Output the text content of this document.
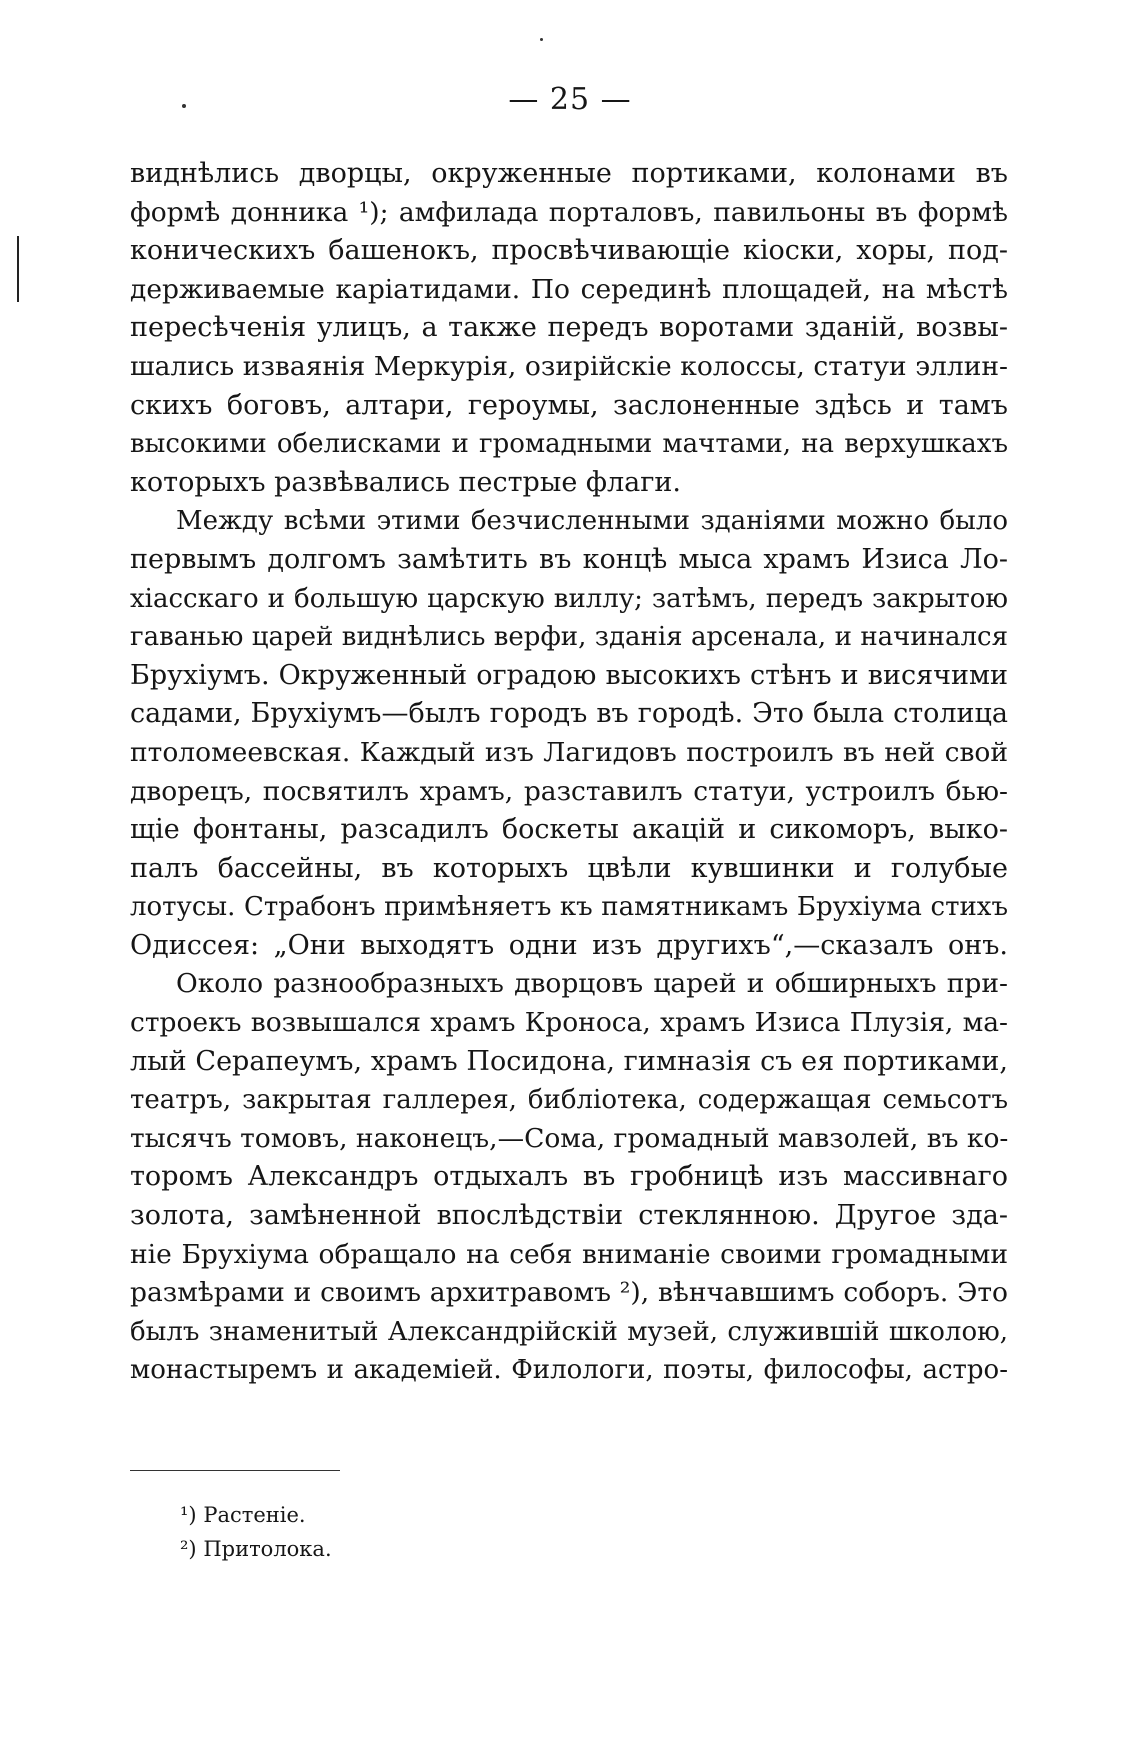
— 25 —
виднѣлись дворцы, окруженные портиками, колонами въ
формѣ донника ¹); амфилада порталовъ, павильоны въ формѣ
коническихъ башенокъ, просвѣчивающіе кіоски, хоры, под-
держиваемые каріатидами. По серединѣ площадей, на мѣстѣ
пересѣченія улицъ, а также передъ воротами зданій, возвы-
шались изваянія Меркурія, озирійскіе колоссы, статуи эллин-
скихъ боговъ, алтари, героумы, заслоненные здѣсь и тамъ
высокими обелисками и громадными мачтами, на верхушкахъ
которыхъ развѣвались пестрые флаги.
Между всѣми этими безчисленными зданіями можно было
первымъ долгомъ замѣтить въ концѣ мыса храмъ Изиса Ло-
хіасскаго и большую царскую виллу; затѣмъ, передъ закрытою
гаванью царей виднѣлись верфи, зданія арсенала, и начинался
Брухіумъ. Окруженный оградою высокихъ стѣнъ и висячими
садами, Брухіумъ—былъ городъ въ городѣ. Это была столица
птоломеевская. Каждый изъ Лагидовъ построилъ въ ней свой
дворецъ, посвятилъ храмъ, разставилъ статуи, устроилъ бью-
щіе фонтаны, разсадилъ боскеты акацій и сикоморъ, выко-
палъ бассейны, въ которыхъ цвѣли кувшинки и голубые
лотусы. Страбонъ примѣняетъ къ памятникамъ Брухіума стихъ
Одиссея: „Они выходятъ одни изъ другихъ“,—сказалъ онъ.
Около разнообразныхъ дворцовъ царей и обширныхъ при-
строекъ возвышался храмъ Кроноса, храмъ Изиса Плузія, ма-
лый Серапеумъ, храмъ Посидона, гимназія съ ея портиками,
театръ, закрытая галлерея, библіотека, содержащая семьсотъ
тысячъ томовъ, наконецъ,—Сома, громадный мавзолей, въ ко-
торомъ Александръ отдыхалъ въ гробницѣ изъ массивнаго
золота, замѣненной впослѣдствіи стеклянною. Другое зда-
ніе Брухіума обращало на себя вниманіе своими громадными
размѣрами и своимъ архитравомъ ²), вѣнчавшимъ соборъ. Это
былъ знаменитый Александрійскій музей, служившій школою,
монастыремъ и академіей. Филологи, поэты, философы, астро-
¹) Растеніе.
²) Притолока.
